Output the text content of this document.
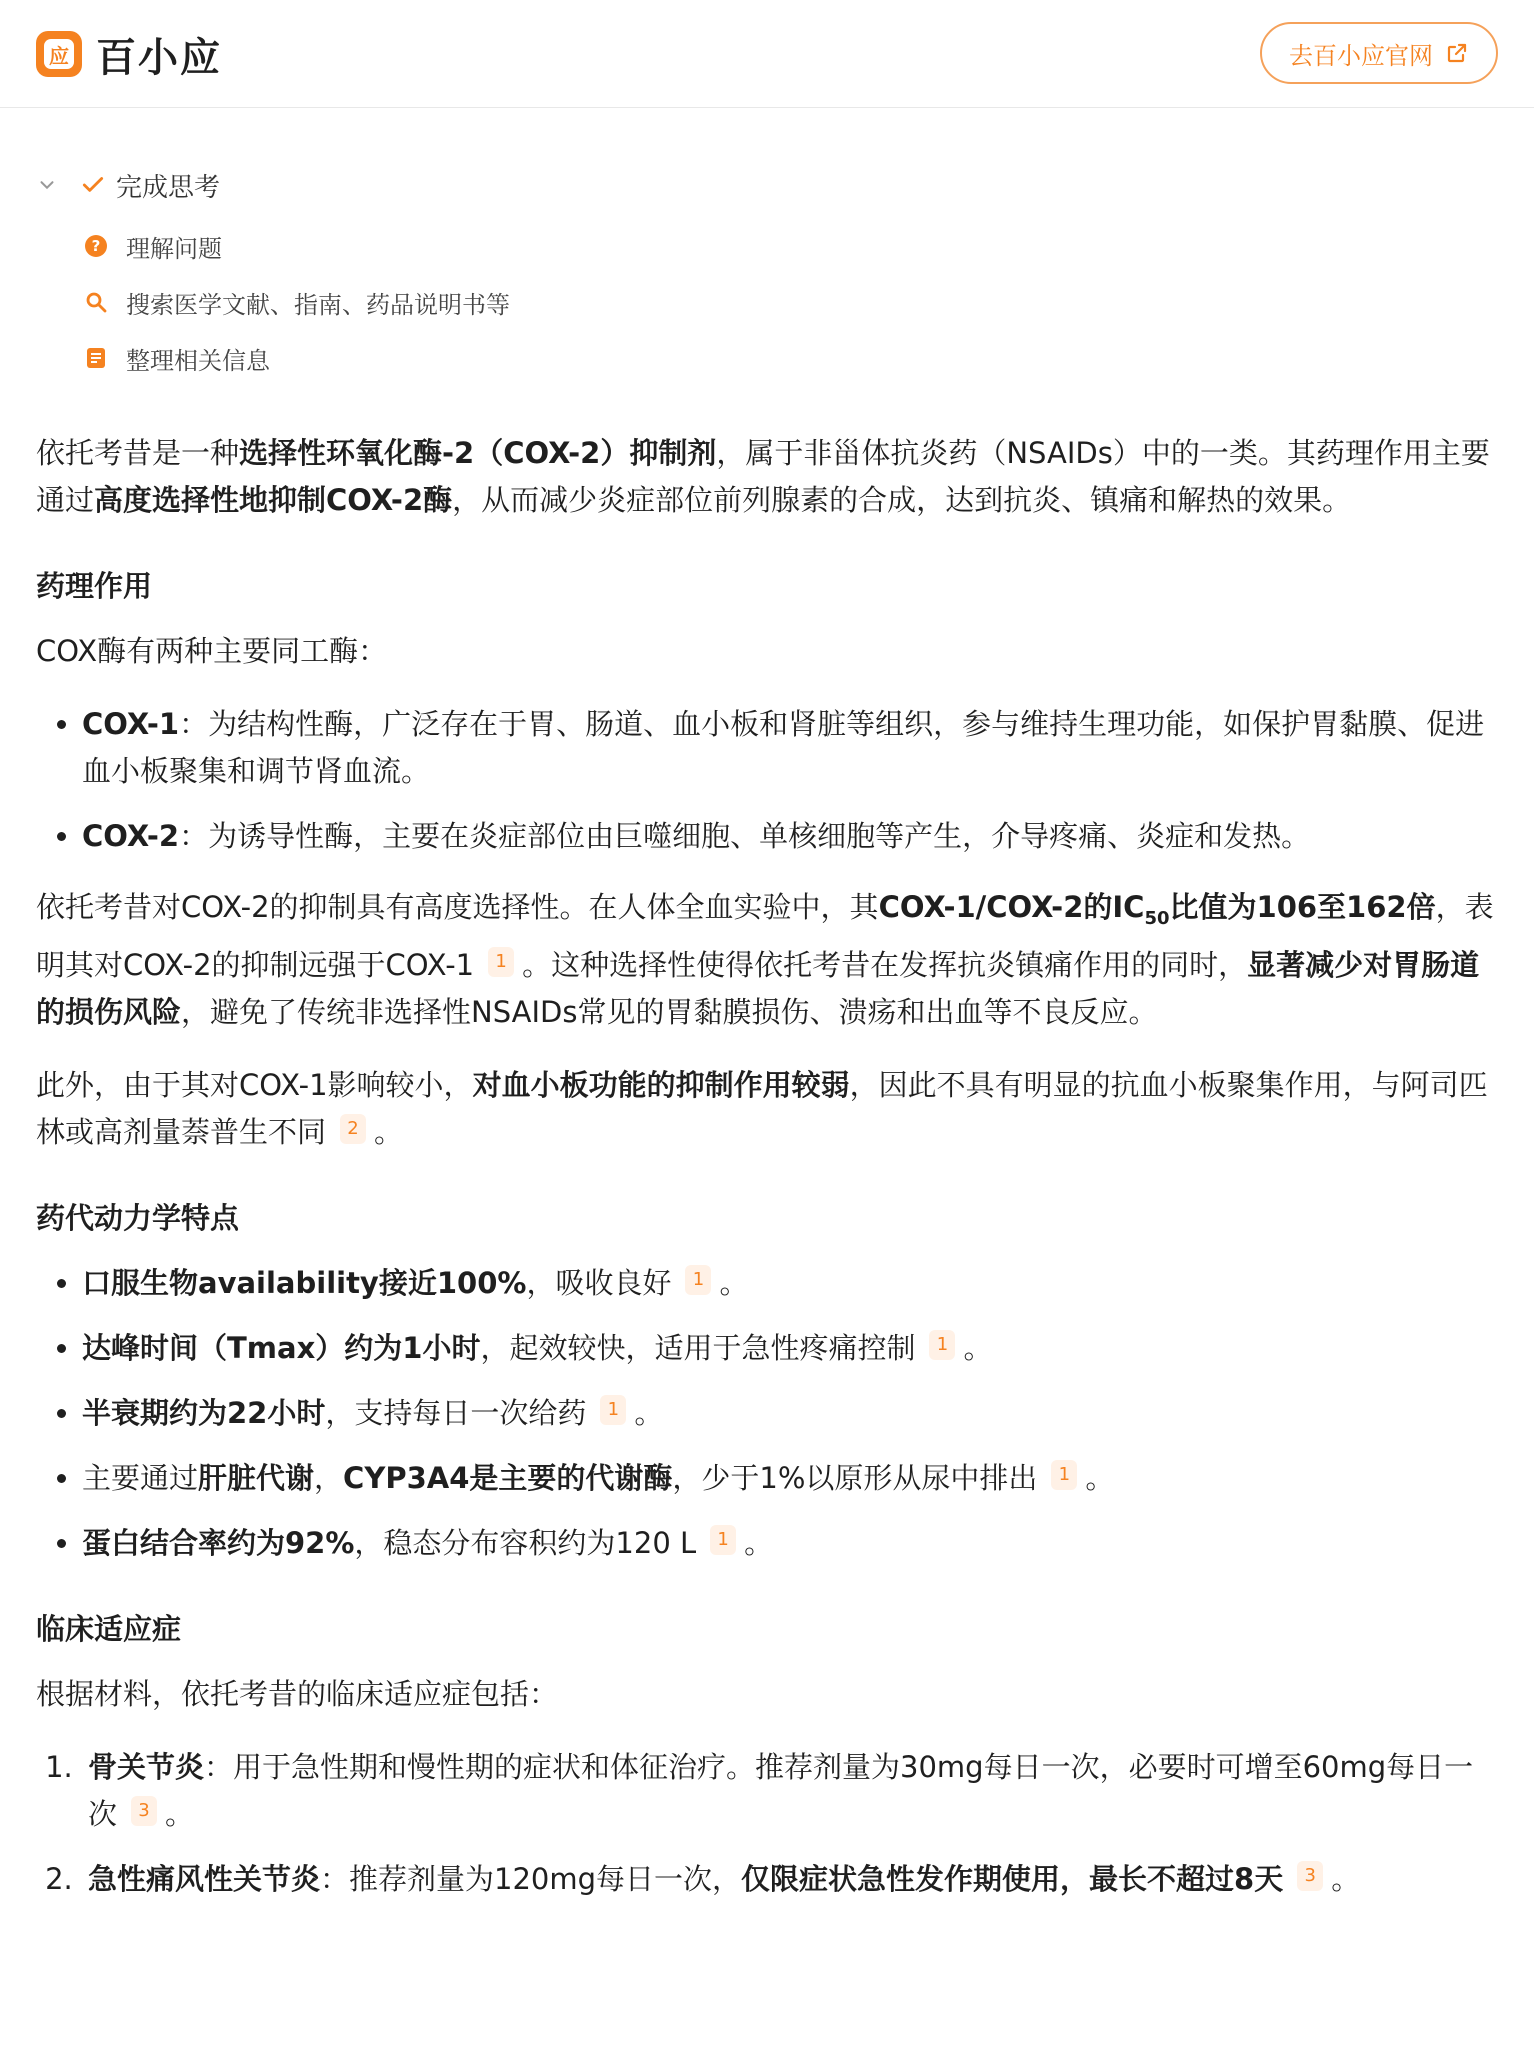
应 百小应	去百小应官网
完成思考
? 理解问题
搜索医学文献、指南、药品说明书等
整理相关信息

依托考昔是一种选择性环氧化酶-2（COX-2）抑制剂，属于非甾体抗炎药（NSAIDs）中的一类。其药理作用主要通过高度选择性地抑制COX-2酶，从而减少炎症部位前列腺素的合成，达到抗炎、镇痛和解热的效果。

药理作用

COX酶有两种主要同工酶：

• COX-1：为结构性酶，广泛存在于胃、肠道、血小板和肾脏等组织，参与维持生理功能，如保护胃黏膜、促进血小板聚集和调节肾血流。
• COX-2：为诱导性酶，主要在炎症部位由巨噬细胞、单核细胞等产生，介导疼痛、炎症和发热。

依托考昔对COX-2的抑制具有高度选择性。在人体全血实验中，其COX-1/COX-2的$IC_{50}$比值为106至162倍，表明其对COX-2的抑制远强于COX-1 1 。这种选择性使得依托考昔在发挥抗炎镇痛作用的同时，显著减少对胃肠道的损伤风险，避免了传统非选择性NSAIDs常见的胃黏膜损伤、溃疡和出血等不良反应。

此外，由于其对COX-1影响较小，对血小板功能的抑制作用较弱，因此不具有明显的抗血小板聚集作用，与阿司匹林或高剂量萘普生不同 2 。

药代动力学特点
• 口服生物availability接近100%，吸收良好 1 。
• 达峰时间（Tmax）约为1小时，起效较快，适用于急性疼痛控制 1 。
• 半衰期约为22小时，支持每日一次给药 1 。
• 主要通过肝脏代谢，CYP3A4是主要的代谢酶，少于1%以原形从尿中排出 1 。
• 蛋白结合率约为92%，稳态分布容积约为120 L 1 。
临床适应症

根据材料，依托考昔的临床适应症包括：

1. 骨关节炎：用于急性期和慢性期的症状和体征治疗。推荐剂量为30mg每日一次，必要时可增至60mg每日一次 3 。
2. 急性痛风性关节炎：推荐剂量为120mg每日一次，仅限症状急性发作期使用，最长不超过8天 3 。
